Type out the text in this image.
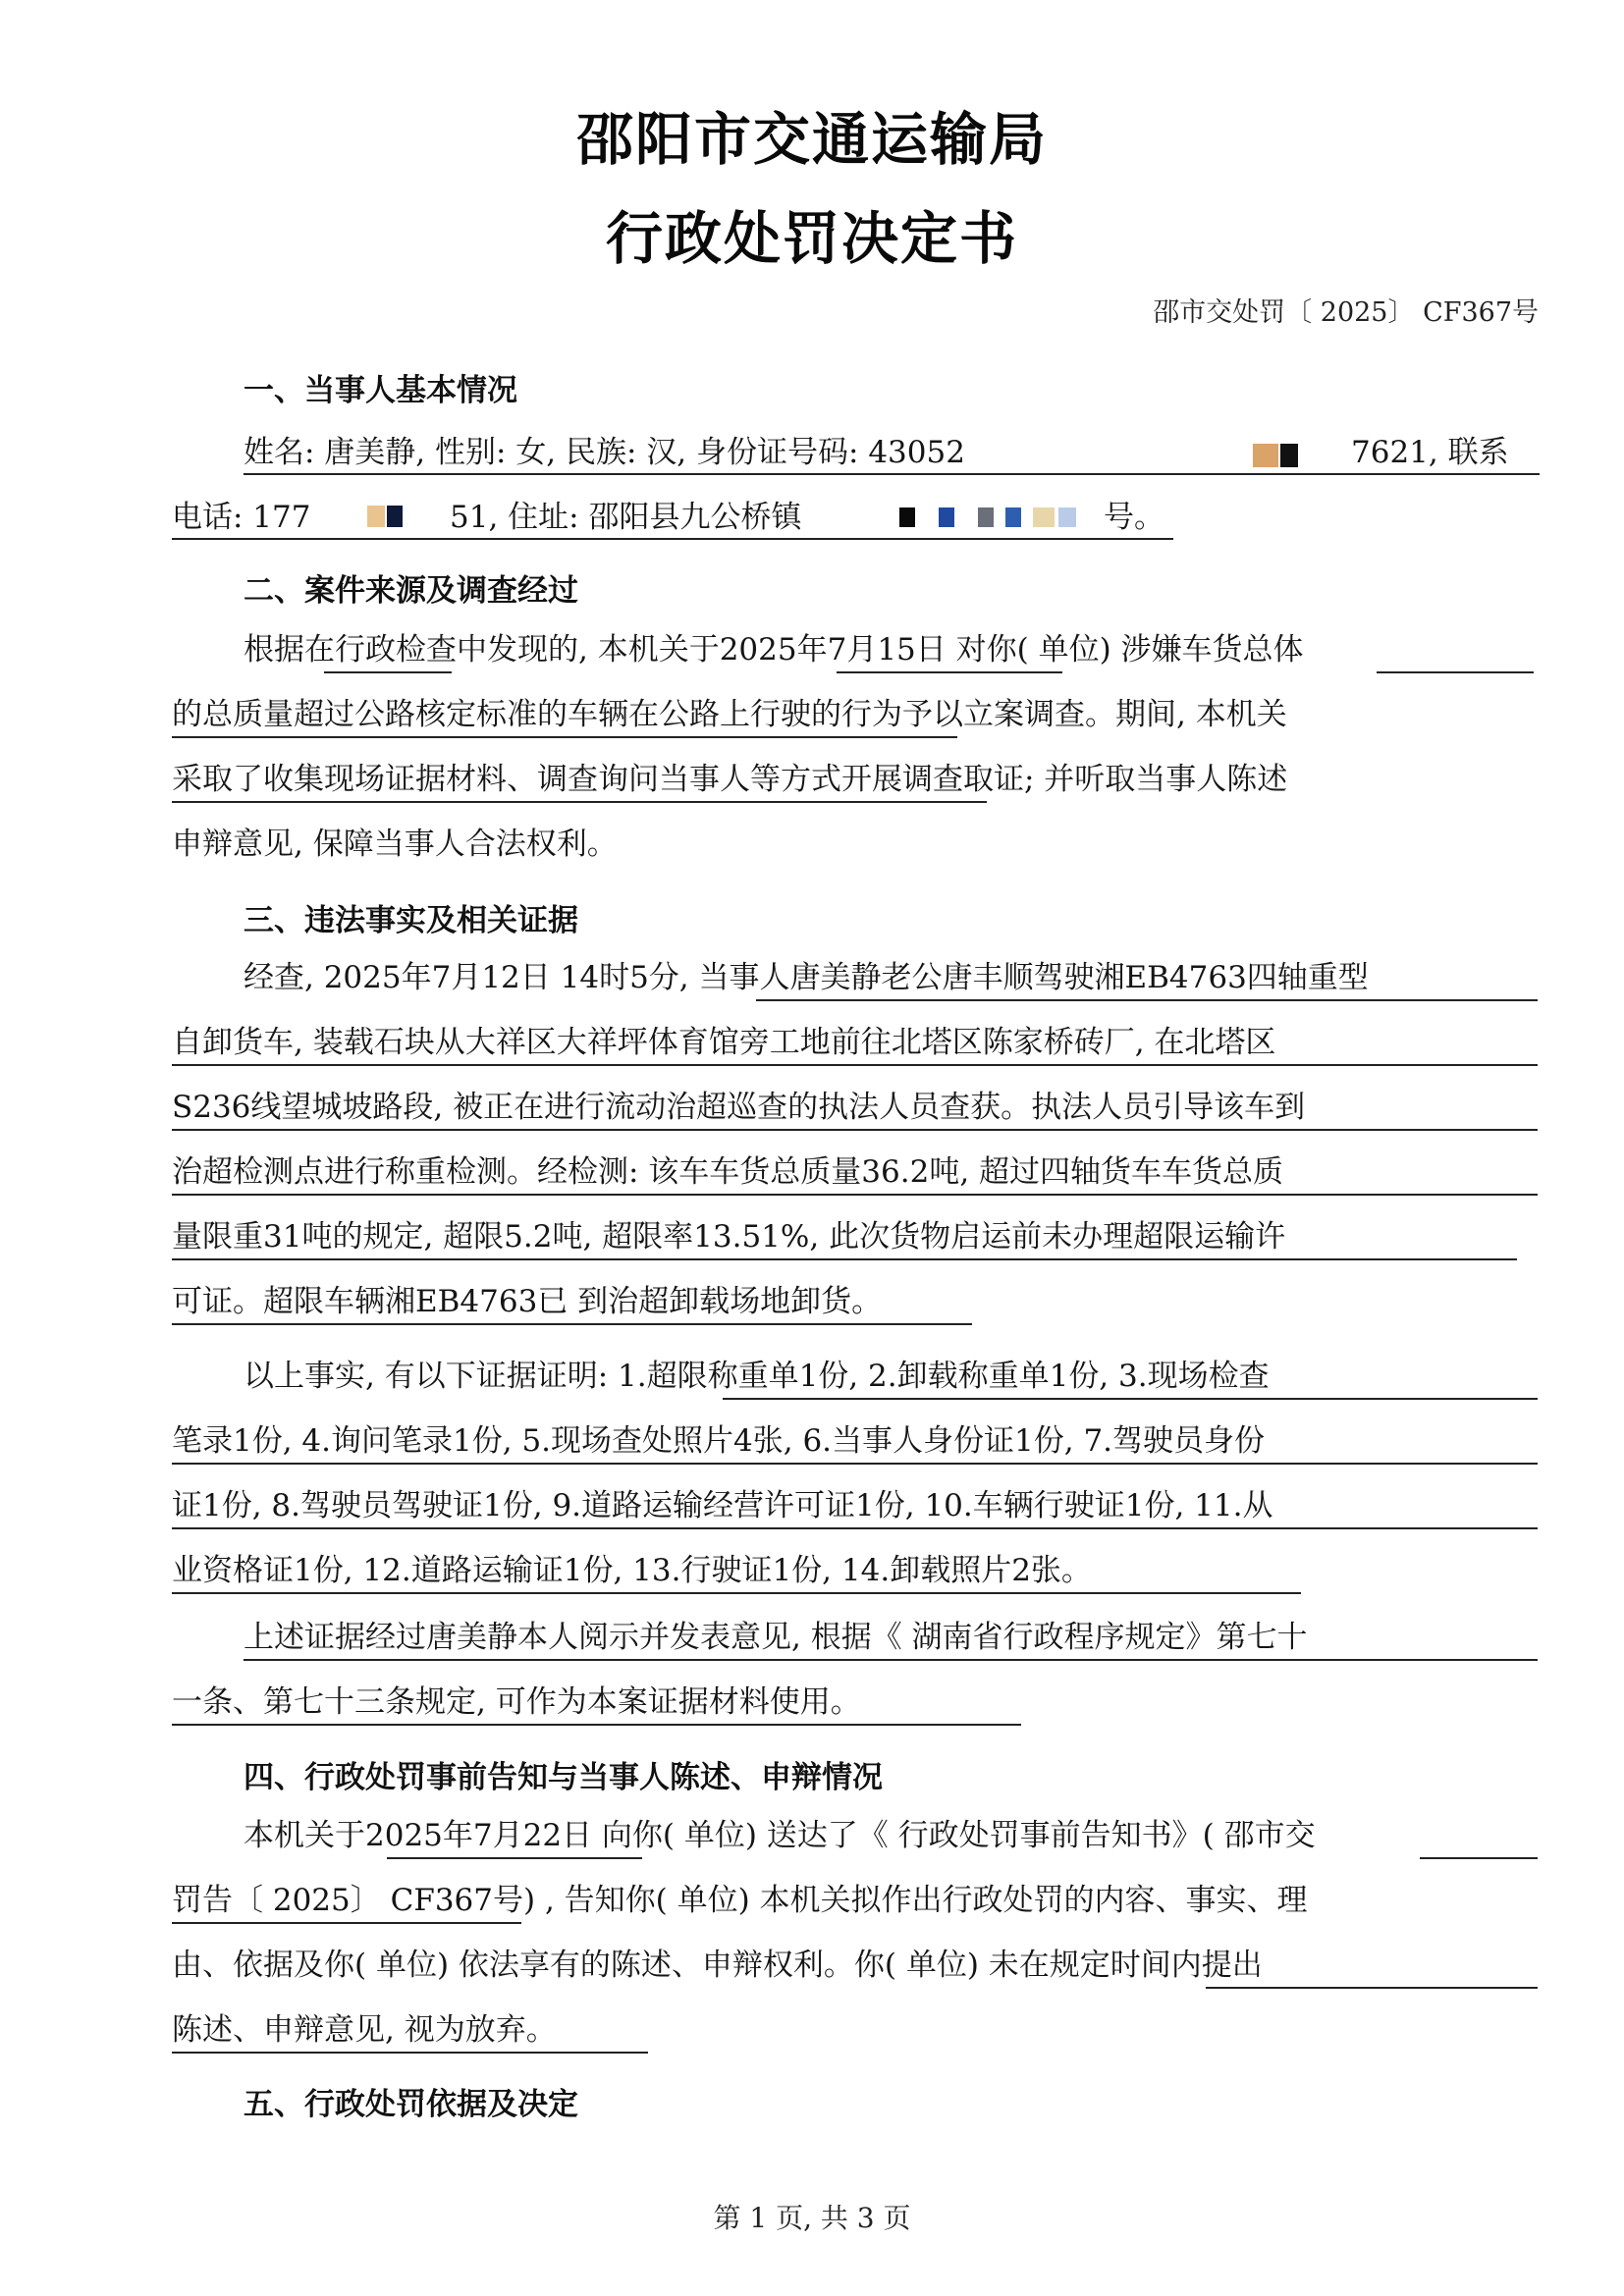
邵阳市交通运输局
行政处罚决定书
邵市交处罚〔 2025〕 CF367号
一、当事人基本情况
姓名: 唐美静, 性别: 女, 民族: 汉, 身份证号码: 43052	7621, 联系
电话: 177	51, 住址: 邵阳县九公桥镇	号。
二、案件来源及调查经过
根据在行政检查中发现的, 本机关于2025年7月15日 对你( 单位) 涉嫌车货总体
的总质量超过公路核定标准的车辆在公路上行驶的行为予以立案调查。期间, 本机关
采取了收集现场证据材料、调查询问当事人等方式开展调查取证; 并听取当事人陈述
申辩意见, 保障当事人合法权利。
三、违法事实及相关证据
经查, 2025年7月12日 14时5分, 当事人唐美静老公唐丰顺驾驶湘EB4763四轴重型
自卸货车, 装载石块从大祥区大祥坪体育馆旁工地前往北塔区陈家桥砖厂, 在北塔区
S236线望城坡路段, 被正在进行流动治超巡查的执法人员查获。执法人员引导该车到
治超检测点进行称重检测。经检测: 该车车货总质量36.2吨, 超过四轴货车车货总质
量限重31吨的规定, 超限5.2吨, 超限率13.51%, 此次货物启运前未办理超限运输许
可证。超限车辆湘EB4763已 到治超卸载场地卸货。
以上事实, 有以下证据证明: 1.超限称重单1份, 2.卸载称重单1份, 3.现场检查
笔录1份, 4.询问笔录1份, 5.现场查处照片4张, 6.当事人身份证1份, 7.驾驶员身份
证1份, 8.驾驶员驾驶证1份, 9.道路运输经营许可证1份, 10.车辆行驶证1份, 11.从
业资格证1份, 12.道路运输证1份, 13.行驶证1份, 14.卸载照片2张。
上述证据经过唐美静本人阅示并发表意见, 根据《 湖南省行政程序规定》第七十
一条、第七十三条规定, 可作为本案证据材料使用。
四、行政处罚事前告知与当事人陈述、申辩情况
本机关于2025年7月22日 向你( 单位) 送达了《 行政处罚事前告知书》( 邵市交
罚告〔 2025〕 CF367号) , 告知你( 单位) 本机关拟作出行政处罚的内容、事实、理
由、依据及你( 单位) 依法享有的陈述、申辩权利。你( 单位) 未在规定时间内提出
陈述、申辩意见, 视为放弃。
五、行政处罚依据及决定
第 1 页, 共 3 页
